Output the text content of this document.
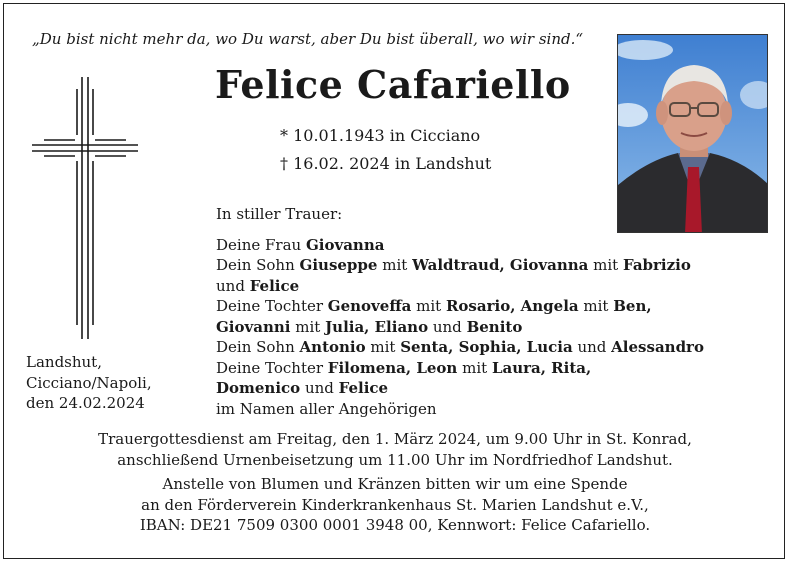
„Du bist nicht mehr da, wo Du warst, aber Du bist überall, wo wir sind.“
Felice Cafariello
* 10.01.1943 in Cicciano
† 16.02. 2024 in Landshut
In stiller Trauer:
Deine Frau Giovanna
Dein Sohn Giuseppe mit Waldtraud, Giovanna mit Fabrizio
und Felice
Deine Tochter Genoveffa mit Rosario, Angela mit Ben,
Giovanni mit Julia, Eliano und Benito
Dein Sohn Antonio mit Senta, Sophia, Lucia und Alessandro
Deine Tochter Filomena, Leon mit Laura, Rita,
Domenico und Felice
im Namen aller Angehörigen
Landshut,
Cicciano/Napoli,
den 24.02.2024
Trauergottesdienst am Freitag, den 1. März 2024, um 9.00 Uhr in St. Konrad,
anschließend Urnenbeisetzung um 11.00 Uhr im Nordfriedhof Landshut.
Anstelle von Blumen und Kränzen bitten wir um eine Spende
an den Förderverein Kinderkrankenhaus St. Marien Landshut e.V.,
IBAN: DE21 7509 0300 0001 3948 00, Kennwort: Felice Cafariello.
